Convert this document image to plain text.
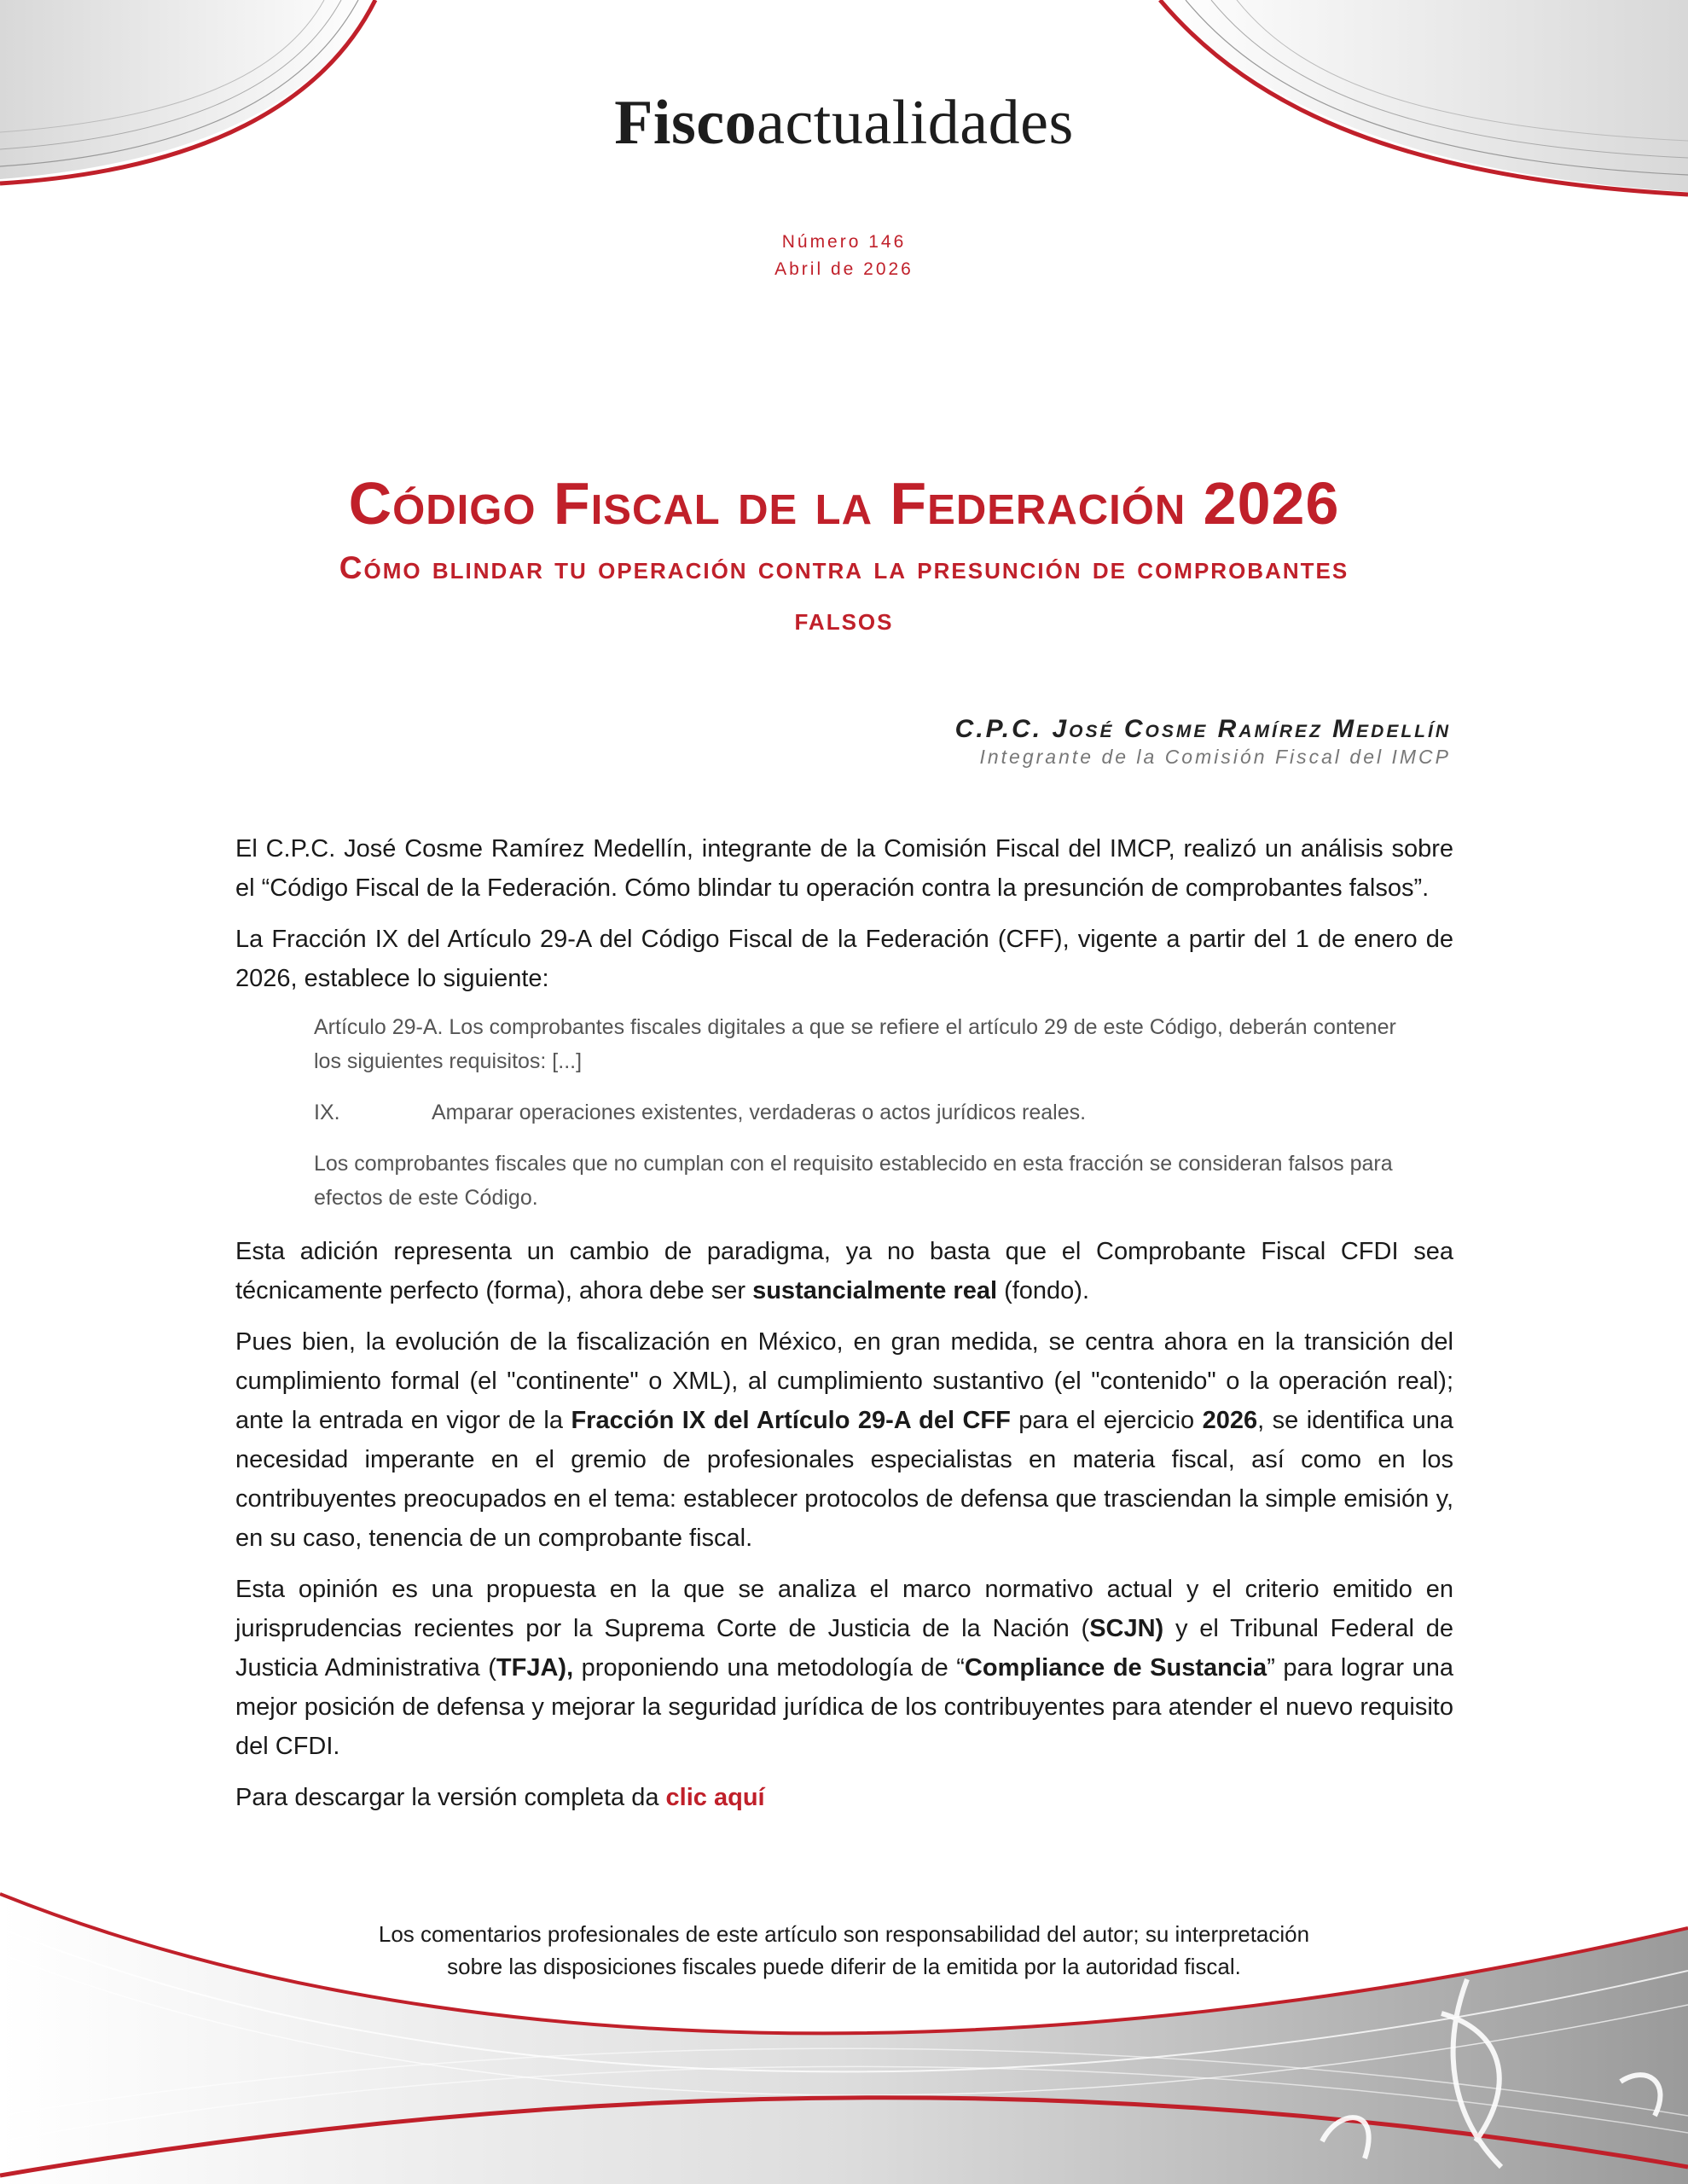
Fiscoactualidades
Número 146
Abril de 2026
Código Fiscal de la Federación 2026
Cómo blindar tu operación contra la presunción de comprobantes falsos
C.P.C. José Cosme Ramírez Medellín
Integrante de la Comisión Fiscal del IMCP

El C.P.C. José Cosme Ramírez Medellín, integrante de la Comisión Fiscal del IMCP, realizó un análisis sobre el “Código Fiscal de la Federación. Cómo blindar tu operación contra la presunción de comprobantes falsos”.

La Fracción IX del Artículo 29-A del Código Fiscal de la Federación (CFF), vigente a partir del 1 de enero de 2026, establece lo siguiente:

Artículo 29-A. Los comprobantes fiscales digitales a que se refiere el artículo 29 de este Código, deberán contener los siguientes requisitos: [...]

IX.	Amparar operaciones existentes, verdaderas o actos jurídicos reales.

Los comprobantes fiscales que no cumplan con el requisito establecido en esta fracción se consideran falsos para efectos de este Código.

Esta adición representa un cambio de paradigma, ya no basta que el Comprobante Fiscal CFDI sea técnicamente perfecto (forma), ahora debe ser sustancialmente real (fondo).

Pues bien, la evolución de la fiscalización en México, en gran medida, se centra ahora en la transición del cumplimiento formal (el "continente" o XML), al cumplimiento sustantivo (el "contenido" o la operación real); ante la entrada en vigor de la Fracción IX del Artículo 29-A del CFF para el ejercicio 2026, se identifica una necesidad imperante en el gremio de profesionales especialistas en materia fiscal, así como en los contribuyentes preocupados en el tema: establecer protocolos de defensa que trasciendan la simple emisión y, en su caso, tenencia de un comprobante fiscal.

Esta opinión es una propuesta en la que se analiza el marco normativo actual y el criterio emitido en jurisprudencias recientes por la Suprema Corte de Justicia de la Nación (SCJN) y el Tribunal Federal de Justicia Administrativa (TFJA), proponiendo una metodología de “Compliance de Sustancia” para lograr una mejor posición de defensa y mejorar la seguridad jurídica de los contribuyentes para atender el nuevo requisito del CFDI.

Para descargar la versión completa da clic aquí

Los comentarios profesionales de este artículo son responsabilidad del autor; su interpretación
sobre las disposiciones fiscales puede diferir de la emitida por la autoridad fiscal.
